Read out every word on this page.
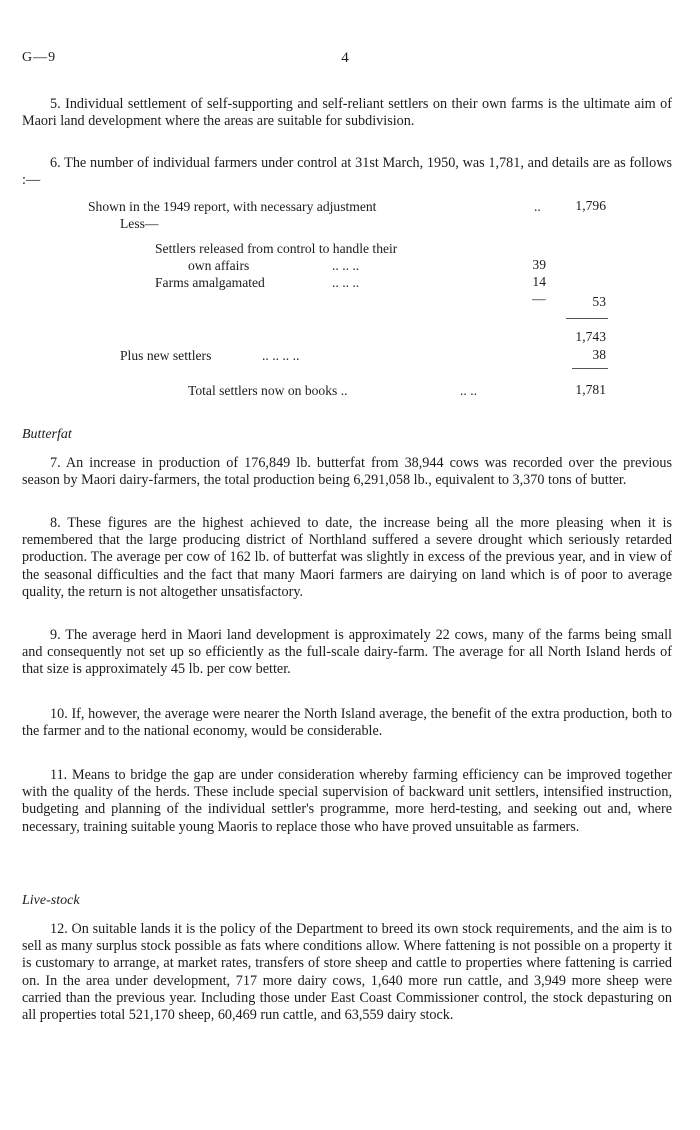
G—9	4

5. Individual settlement of self-supporting and self-reliant settlers on their own farms is the ultimate aim of Maori land development where the areas are suitable for subdivision.

6. The number of individual farmers under control at 31st March, 1950, was 1,781, and details are as follows :—

Shown in the 1949 report, with necessary adjustment	..	1,796
Less—
Settlers released from control to handle their
own affairs	.. .. ..	39
Farms amalgamated	.. .. ..	14
—	53
1,743
Plus new settlers	.. .. .. ..	38
Total settlers now on books ..	.. ..	1,781

Butterfat

7. An increase in production of 176,849 lb. butterfat from 38,944 cows was recorded over the previous season by Maori dairy-farmers, the total production being 6,291,058 lb., equivalent to 3,370 tons of butter.

8. These figures are the highest achieved to date, the increase being all the more pleasing when it is remembered that the large producing district of Northland suffered a severe drought which seriously retarded production. The average per cow of 162 lb. of butterfat was slightly in excess of the previous year, and in view of the seasonal difficulties and the fact that many Maori farmers are dairying on land which is of poor to average quality, the return is not altogether unsatisfactory.

9. The average herd in Maori land development is approximately 22 cows, many of the farms being small and consequently not set up so efficiently as the full-scale dairy-farm. The average for all North Island herds of that size is approximately 45 lb. per cow better.

10. If, however, the average were nearer the North Island average, the benefit of the extra production, both to the farmer and to the national economy, would be considerable.

11. Means to bridge the gap are under consideration whereby farming efficiency can be improved together with the quality of the herds. These include special supervision of backward unit settlers, intensified instruction, budgeting and planning of the individual settler's programme, more herd-testing, and seeking out and, where necessary, training suitable young Maoris to replace those who have proved unsuitable as farmers.

Live-stock

12. On suitable lands it is the policy of the Department to breed its own stock requirements, and the aim is to sell as many surplus stock possible as fats where conditions allow. Where fattening is not possible on a property it is customary to arrange, at market rates, transfers of store sheep and cattle to properties where fattening is carried on. In the area under development, 717 more dairy cows, 1,640 more run cattle, and 3,949 more sheep were carried than the previous year. Including those under East Coast Commissioner control, the stock depasturing on all properties total 521,170 sheep, 60,469 run cattle, and 63,559 dairy stock.
